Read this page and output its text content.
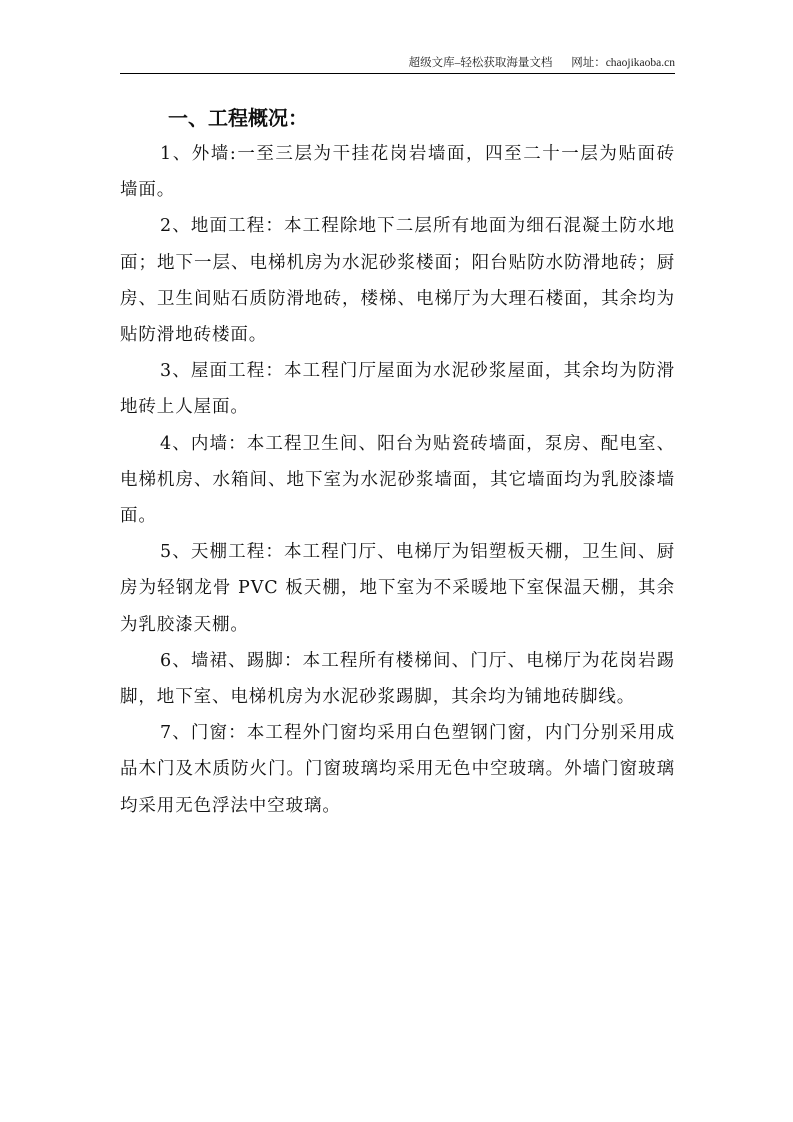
超级文库–轻松获取海量文档 网址：chaojikaoba.cn
一、工程概况：

1、外墙:一至三层为干挂花岗岩墙面，四至二十一层为贴面砖墙面。

2、地面工程：本工程除地下二层所有地面为细石混凝土防水地面；地下一层、电梯机房为水泥砂浆楼面；阳台贴防水防滑地砖；厨房、卫生间贴石质防滑地砖，楼梯、电梯厅为大理石楼面，其余均为贴防滑地砖楼面。

3、屋面工程：本工程门厅屋面为水泥砂浆屋面，其余均为防滑地砖上人屋面。

4、内墙：本工程卫生间、阳台为贴瓷砖墙面，泵房、配电室、电梯机房、水箱间、地下室为水泥砂浆墙面，其它墙面均为乳胶漆墙面。

5、天棚工程：本工程门厅、电梯厅为铝塑板天棚，卫生间、厨房为轻钢龙骨 PVC 板天棚，地下室为不采暖地下室保温天棚，其余为乳胶漆天棚。

6、墙裙、踢脚：本工程所有楼梯间、门厅、电梯厅为花岗岩踢脚，地下室、电梯机房为水泥砂浆踢脚，其余均为铺地砖脚线。

7、门窗：本工程外门窗均采用白色塑钢门窗，内门分别采用成品木门及木质防火门。门窗玻璃均采用无色中空玻璃。外墙门窗玻璃均采用无色浮法中空玻璃。
